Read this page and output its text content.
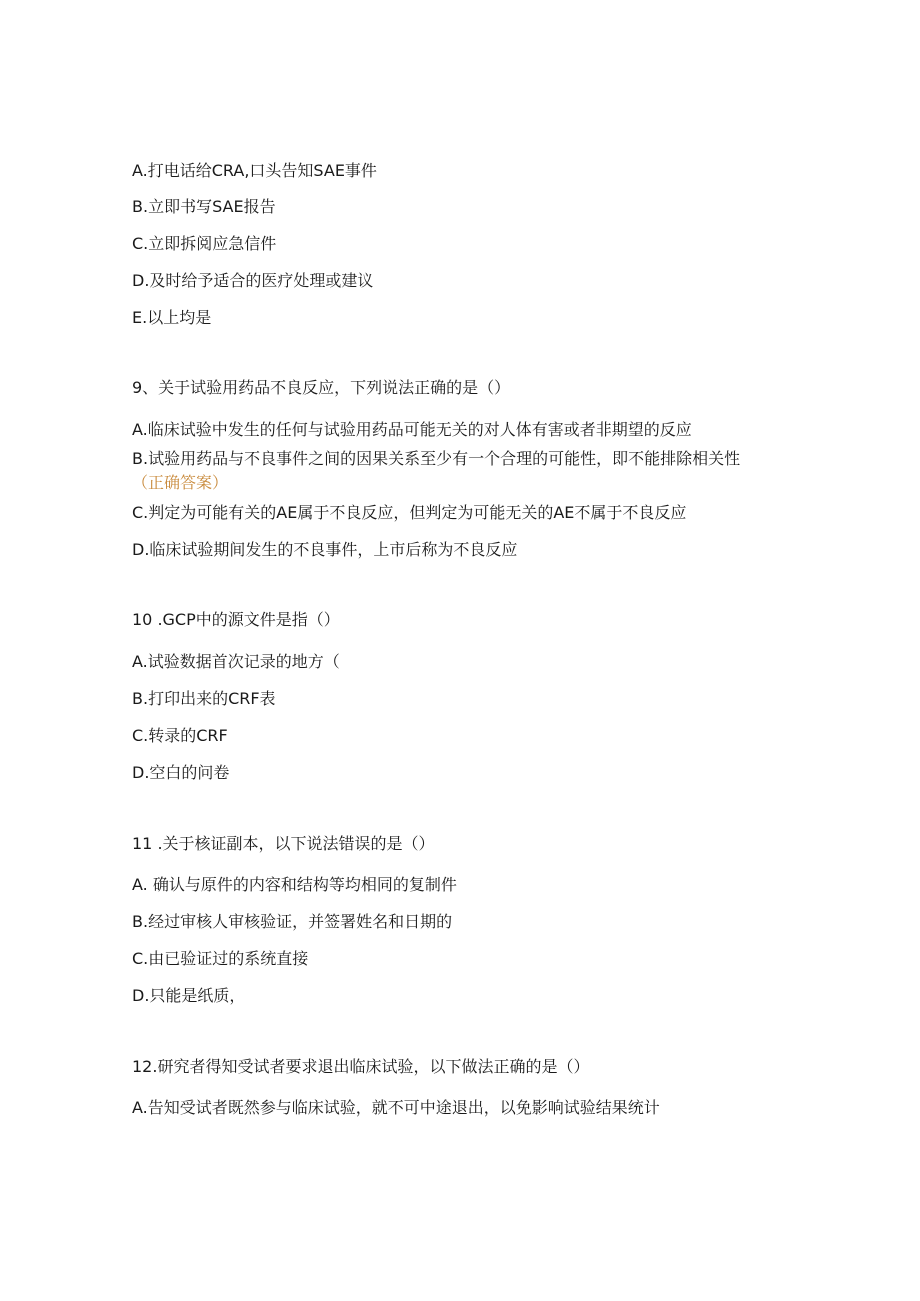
A.打电话给CRA,口头告知SAE事件
B.立即书写SAE报告
C.立即拆阅应急信件
D.及时给予适合的医疗处理或建议
E.以上均是
9、关于试验用药品不良反应，下列说法正确的是（）
A.临床试验中发生的任何与试验用药品可能无关的对人体有害或者非期望的反应
B.试验用药品与不良事件之间的因果关系至少有一个合理的可能性，即不能排除相关性
（正确答案）
C.判定为可能有关的AE属于不良反应，但判定为可能无关的AE不属于不良反应
D.临床试验期间发生的不良事件，上市后称为不良反应
10 .GCP中的源文件是指（）
A.试验数据首次记录的地方（
B.打印出来的CRF表
C.转录的CRF
D.空白的问卷
11 .关于核证副本，以下说法错误的是（）
A. 确认与原件的内容和结构等均相同的复制件
B.经过审核人审核验证，并签署姓名和日期的
C.由已验证过的系统直接
D.只能是纸质，
12.研究者得知受试者要求退出临床试验，以下做法正确的是（）
A.告知受试者既然参与临床试验，就不可中途退出，以免影响试验结果统计
